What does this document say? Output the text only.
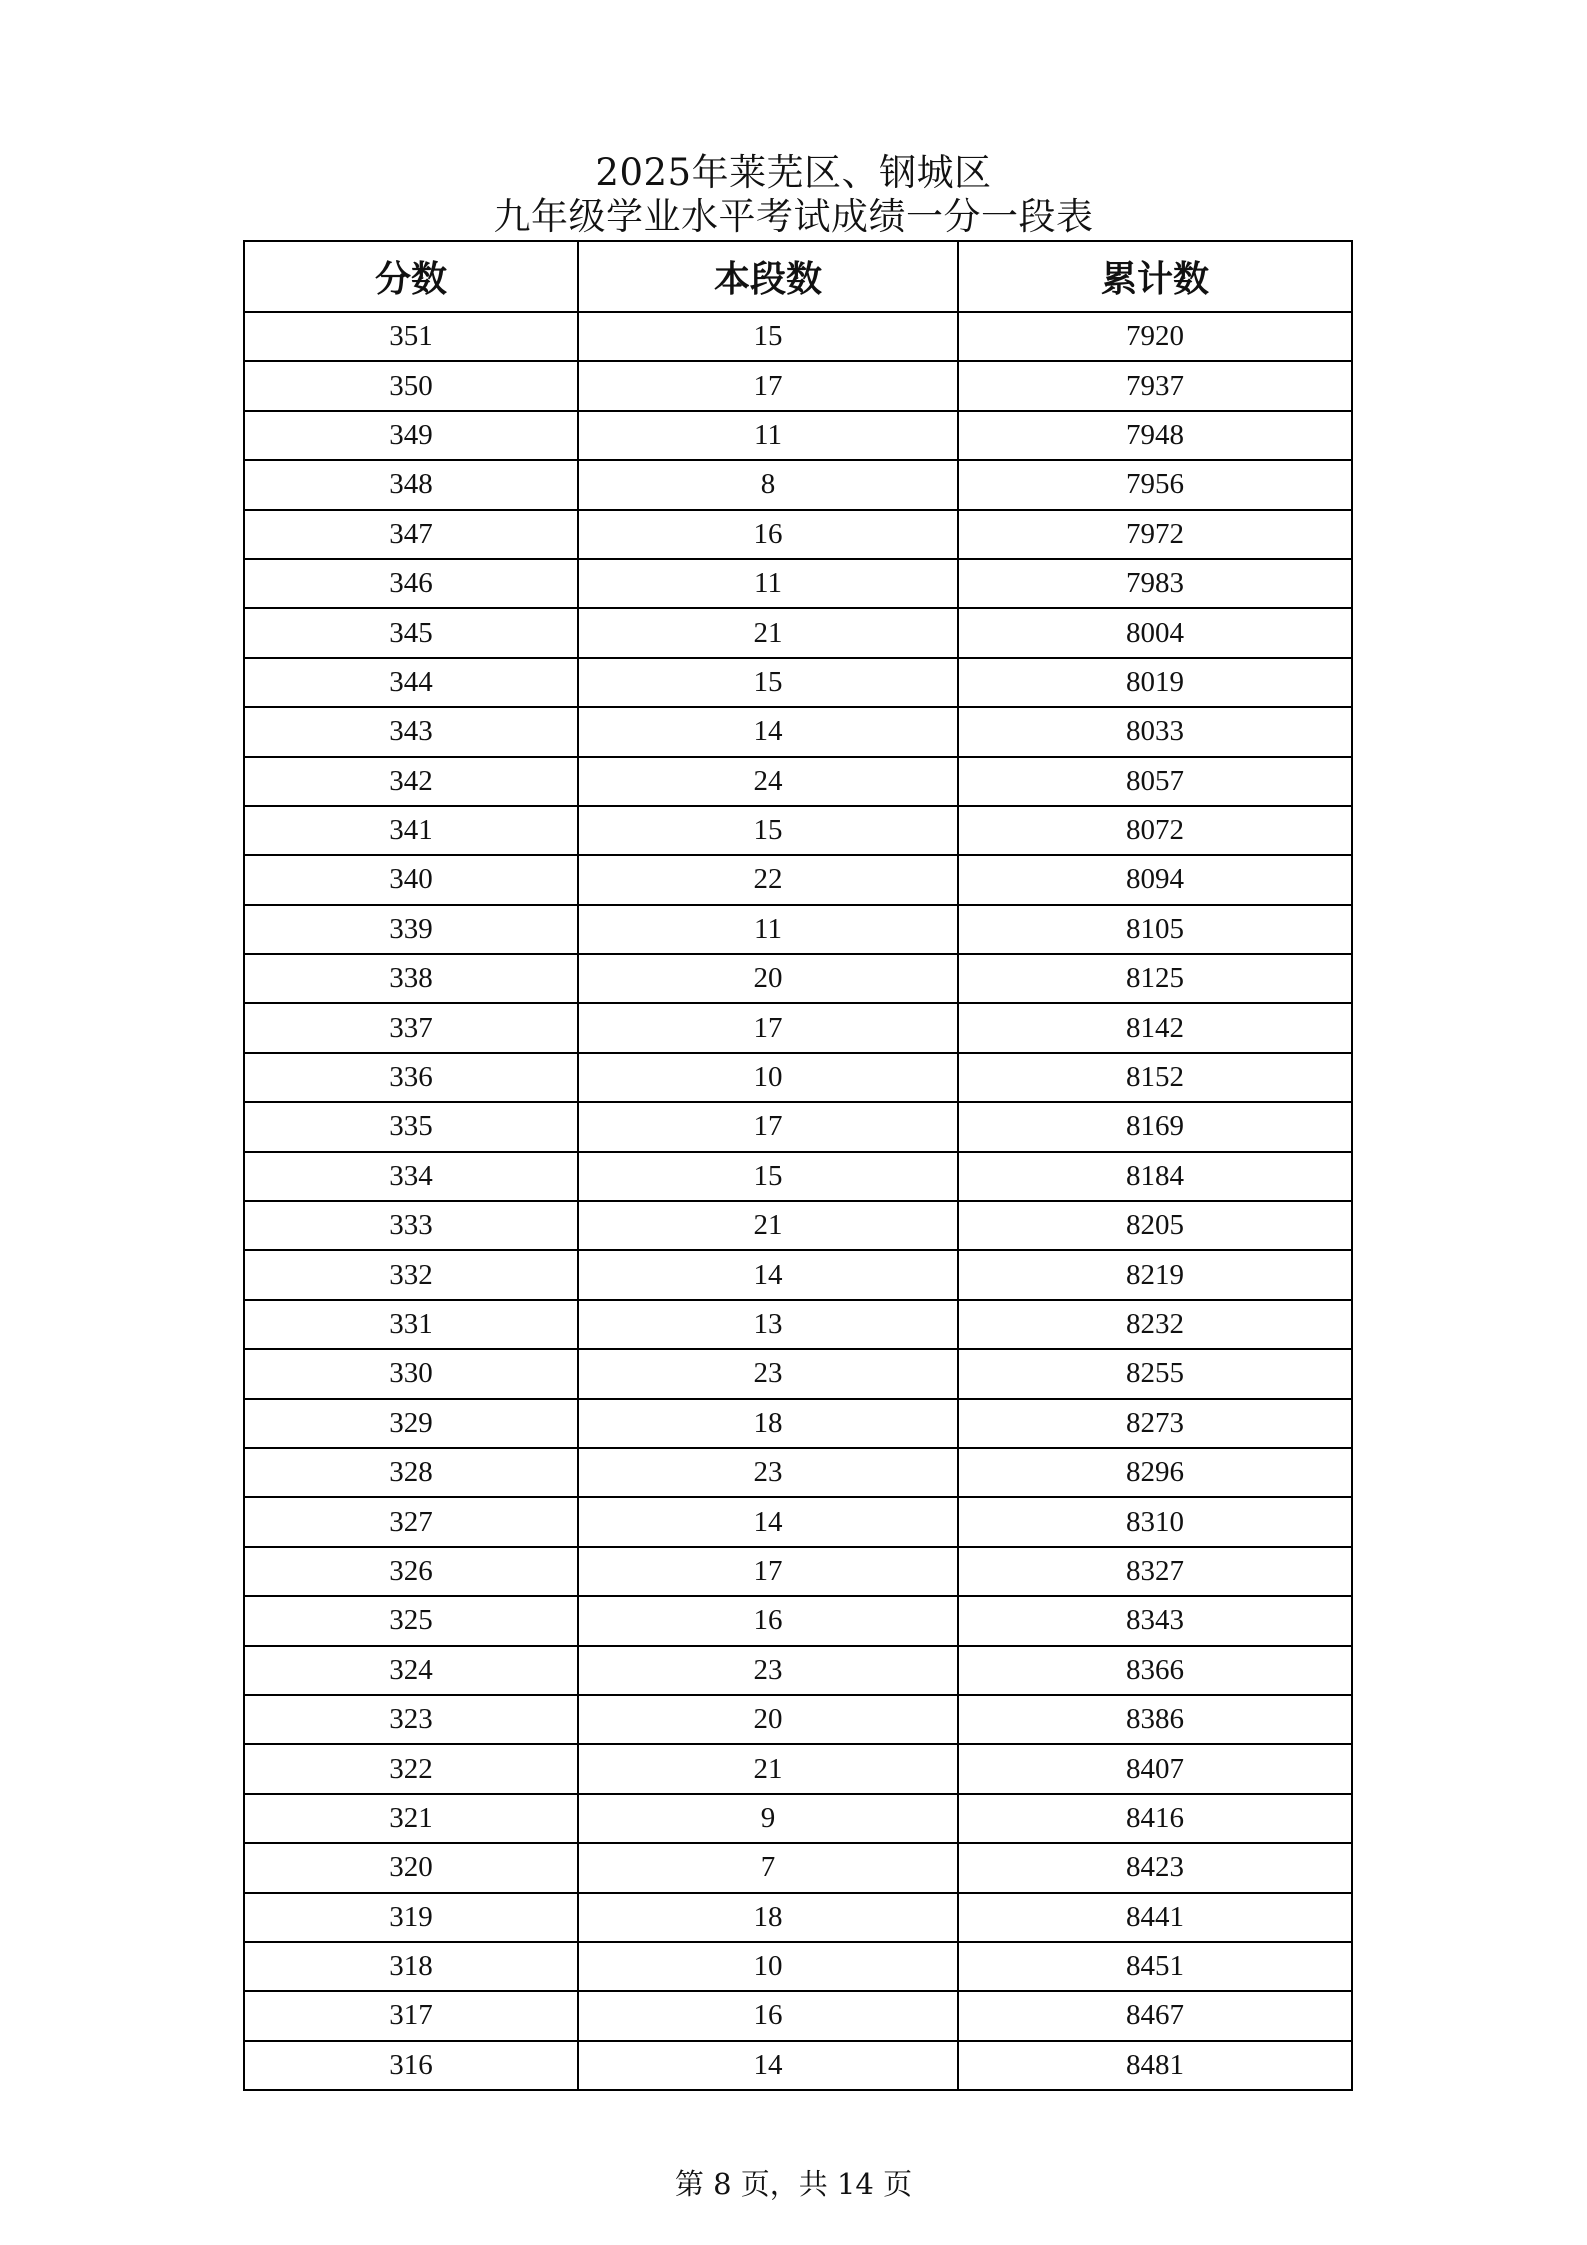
2025年莱芜区、钢城区
九年级学业水平考试成绩一分一段表
分数	本段数	累计数
351	15	7920
350	17	7937
349	11	7948
348	8	7956
347	16	7972
346	11	7983
345	21	8004
344	15	8019
343	14	8033
342	24	8057
341	15	8072
340	22	8094
339	11	8105
338	20	8125
337	17	8142
336	10	8152
335	17	8169
334	15	8184
333	21	8205
332	14	8219
331	13	8232
330	23	8255
329	18	8273
328	23	8296
327	14	8310
326	17	8327
325	16	8343
324	23	8366
323	20	8386
322	21	8407
321	9	8416
320	7	8423
319	18	8441
318	10	8451
317	16	8467
316	14	8481
第 8 页，共 14 页
